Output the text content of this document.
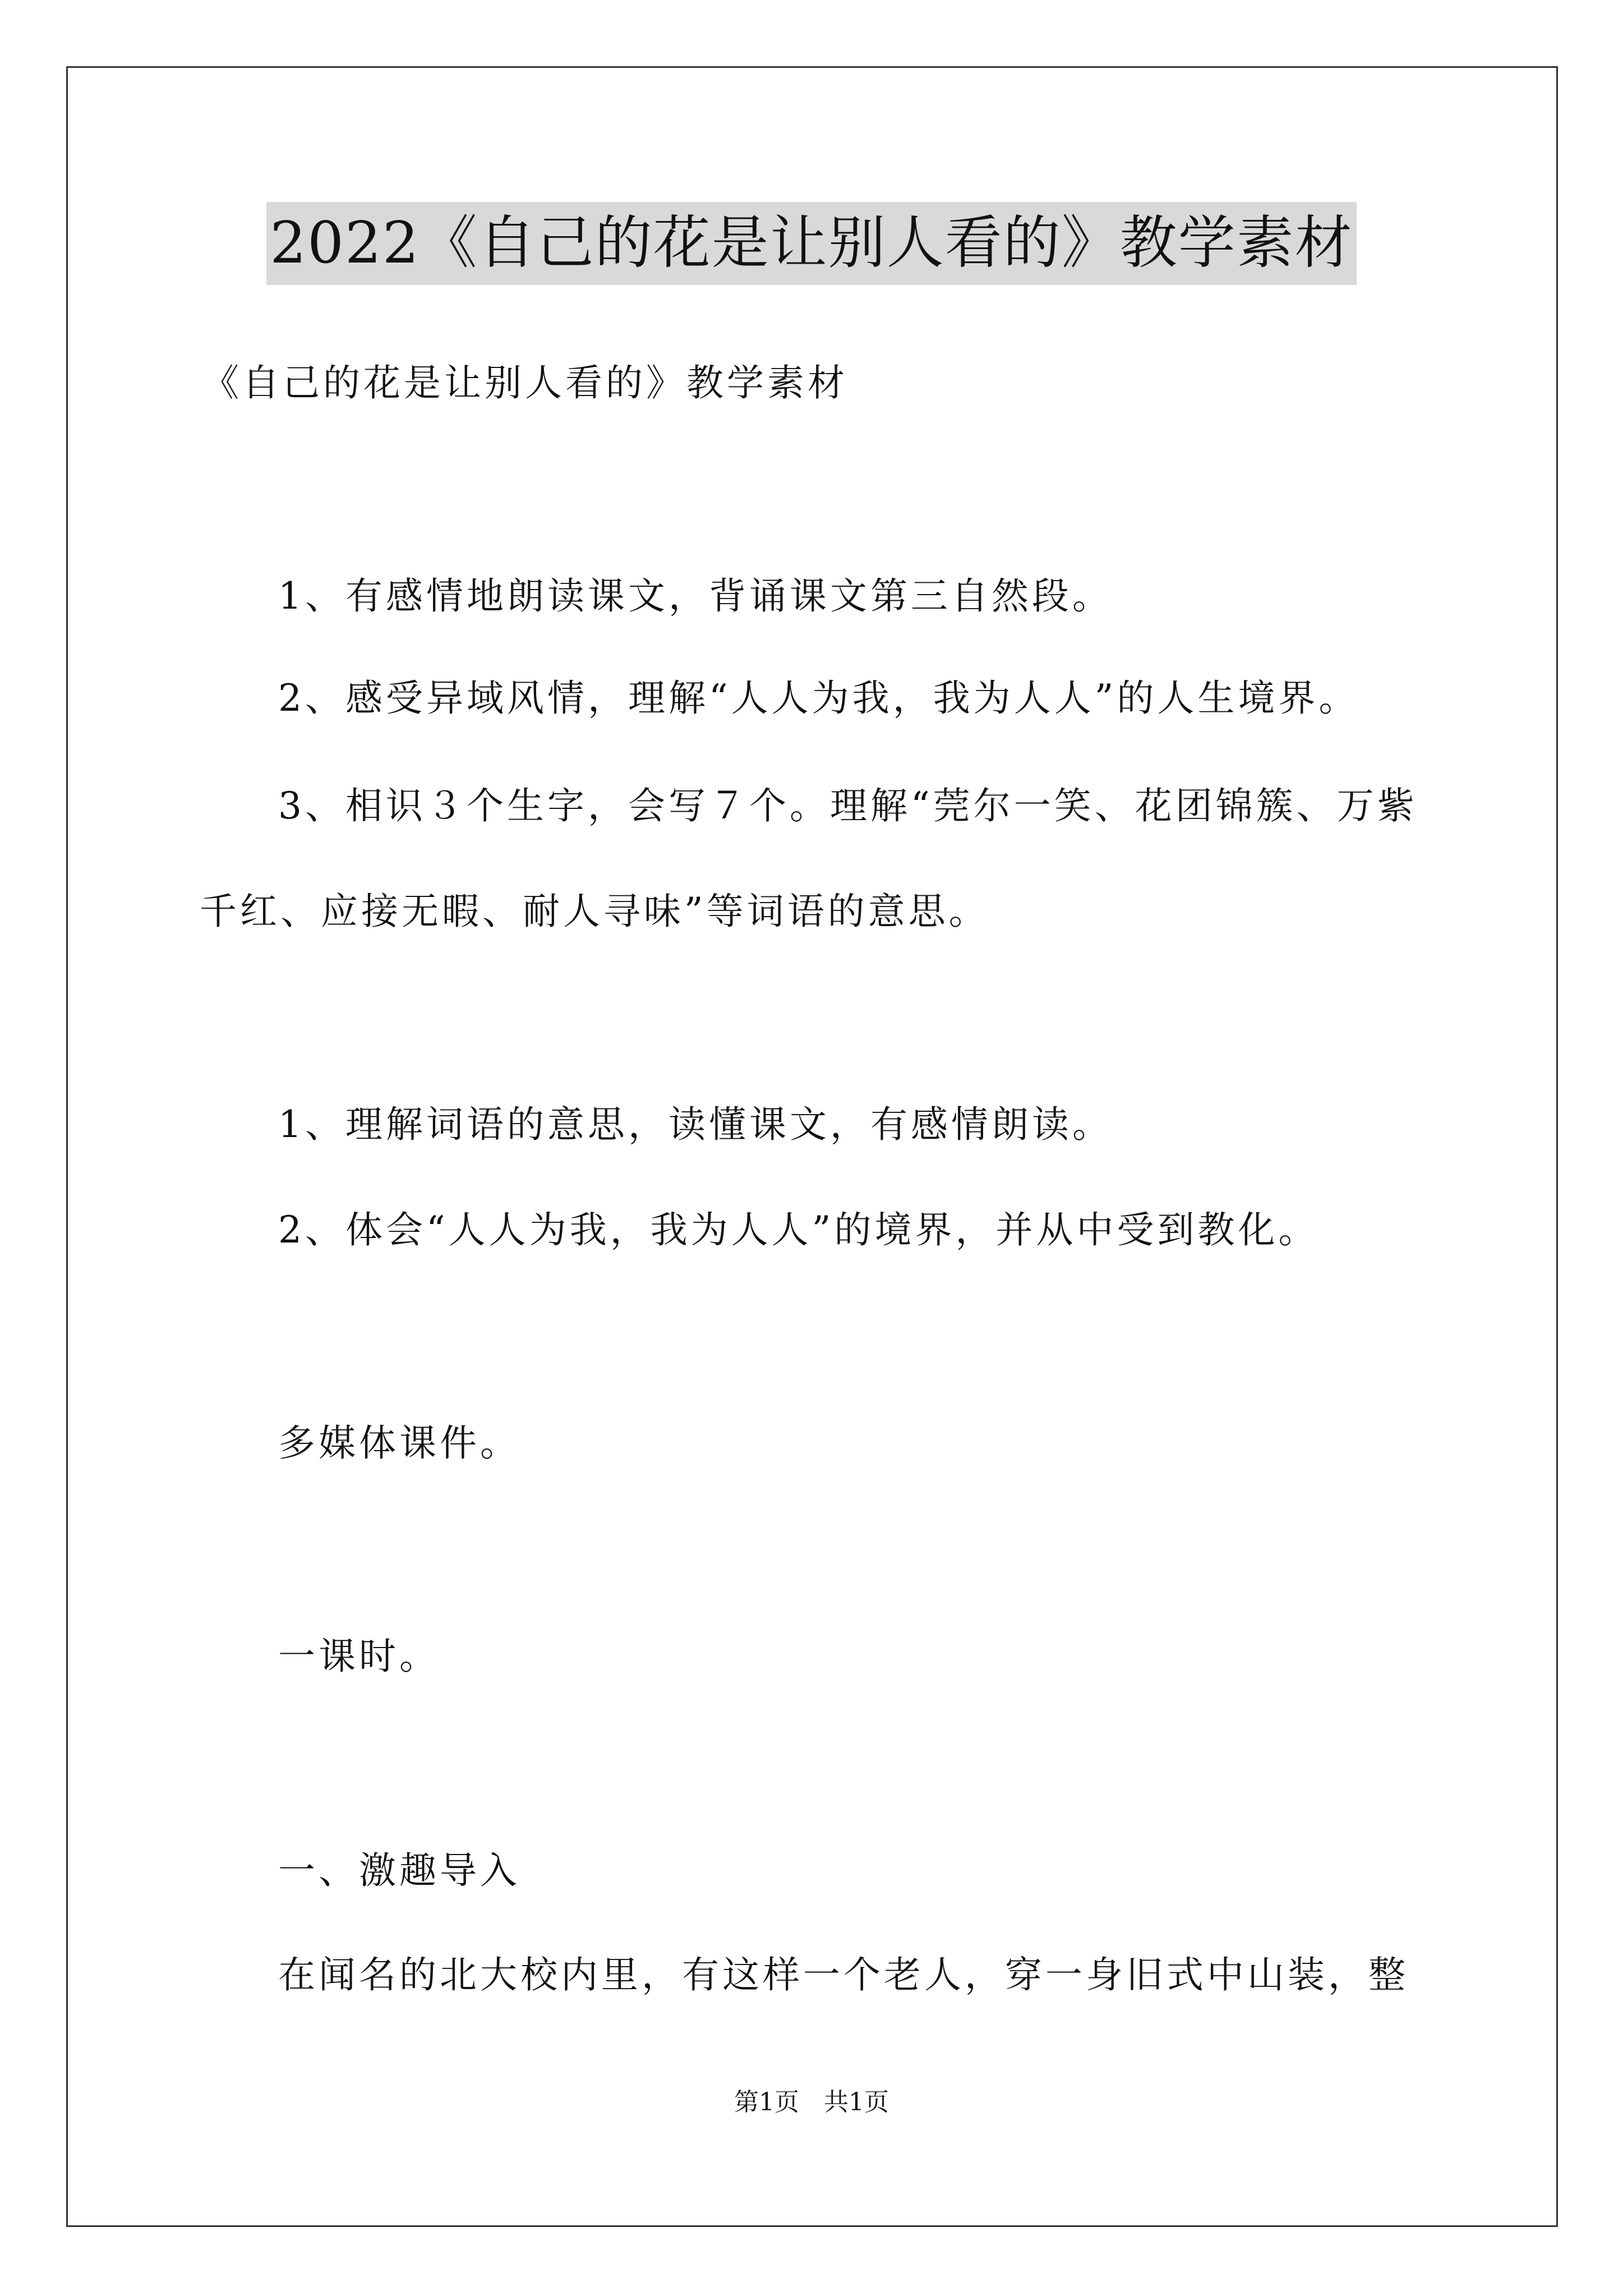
2022《自己的花是让别人看的》教学素材
《自己的花是让别人看的》教学素材
1、有感情地朗读课文，背诵课文第三自然段。
2、感受异域风情，理解“人人为我，我为人人”的人生境界。
3、相识３个生字，会写７个。理解“莞尔一笑、花团锦簇、万紫
千红、应接无暇、耐人寻味”等词语的意思。
1、理解词语的意思，读懂课文，有感情朗读。
2、体会“人人为我，我为人人”的境界，并从中受到教化。
多媒体课件。
一课时。
一、激趣导入
在闻名的北大校内里，有这样一个老人，穿一身旧式中山装，整
第1页　共1页
